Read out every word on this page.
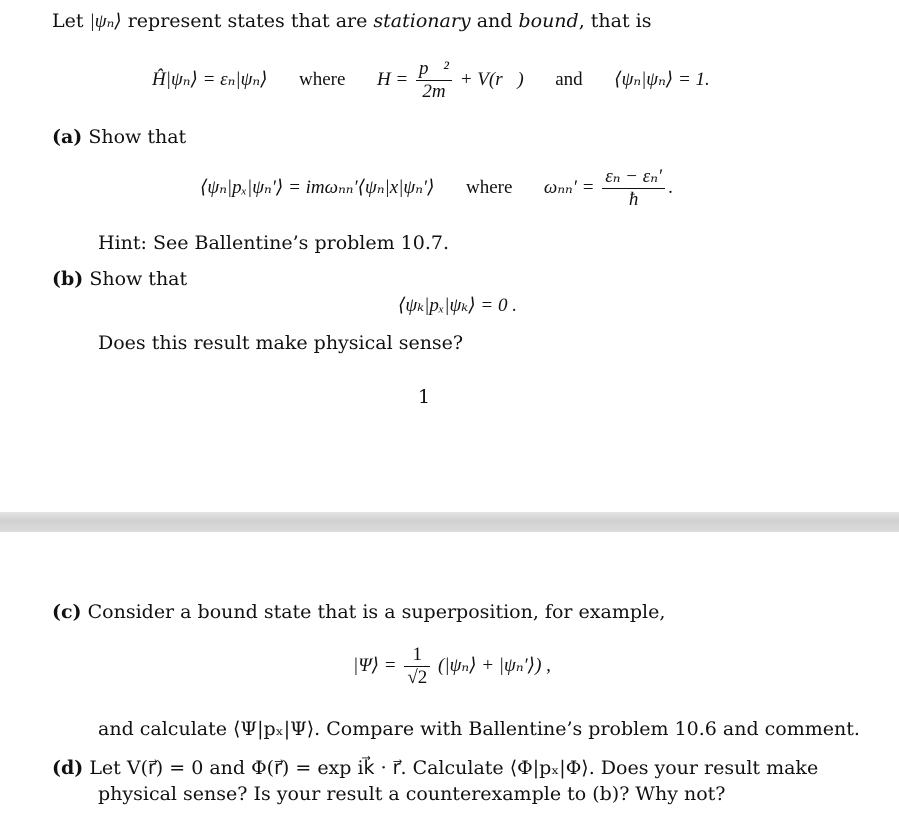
Let |ψₙ⟩ represent states that are stationary and bound, that is
Ĥ|ψₙ⟩ = εₙ|ψₙ⟩ where $H = \frac{\text{p⃗²}}{2m}$ + V(r⃗) and ⟨ψₙ|ψₙ⟩ = 1.
(a) Show that
⟨ψₙ|pₓ|ψₙ′⟩ = imωₙₙ′⟨ψₙ|x|ψₙ′⟩ where $\omega_{nn}' = \frac{\text{εₙ − εₙ′}}{ħ}$ .
Hint: See Ballentine’s problem 10.7.
(b) Show that
⟨ψₖ|pₓ|ψₖ⟩ = 0 .
Does this result make physical sense?
1
(c) Consider a bound state that is a superposition, for example,
|Ψ⟩ = $\frac{1}{√2}$ (|ψₙ⟩ + |ψₙ′⟩) ,
and calculate ⟨Ψ|pₓ|Ψ⟩. Compare with Ballentine’s problem 10.6 and comment.
(d) Let V(r⃗) = 0 and Φ(r⃗) = exp ik⃗ · r⃗. Calculate ⟨Φ|pₓ|Φ⟩. Does your result make
physical sense? Is your result a counterexample to (b)? Why not?
